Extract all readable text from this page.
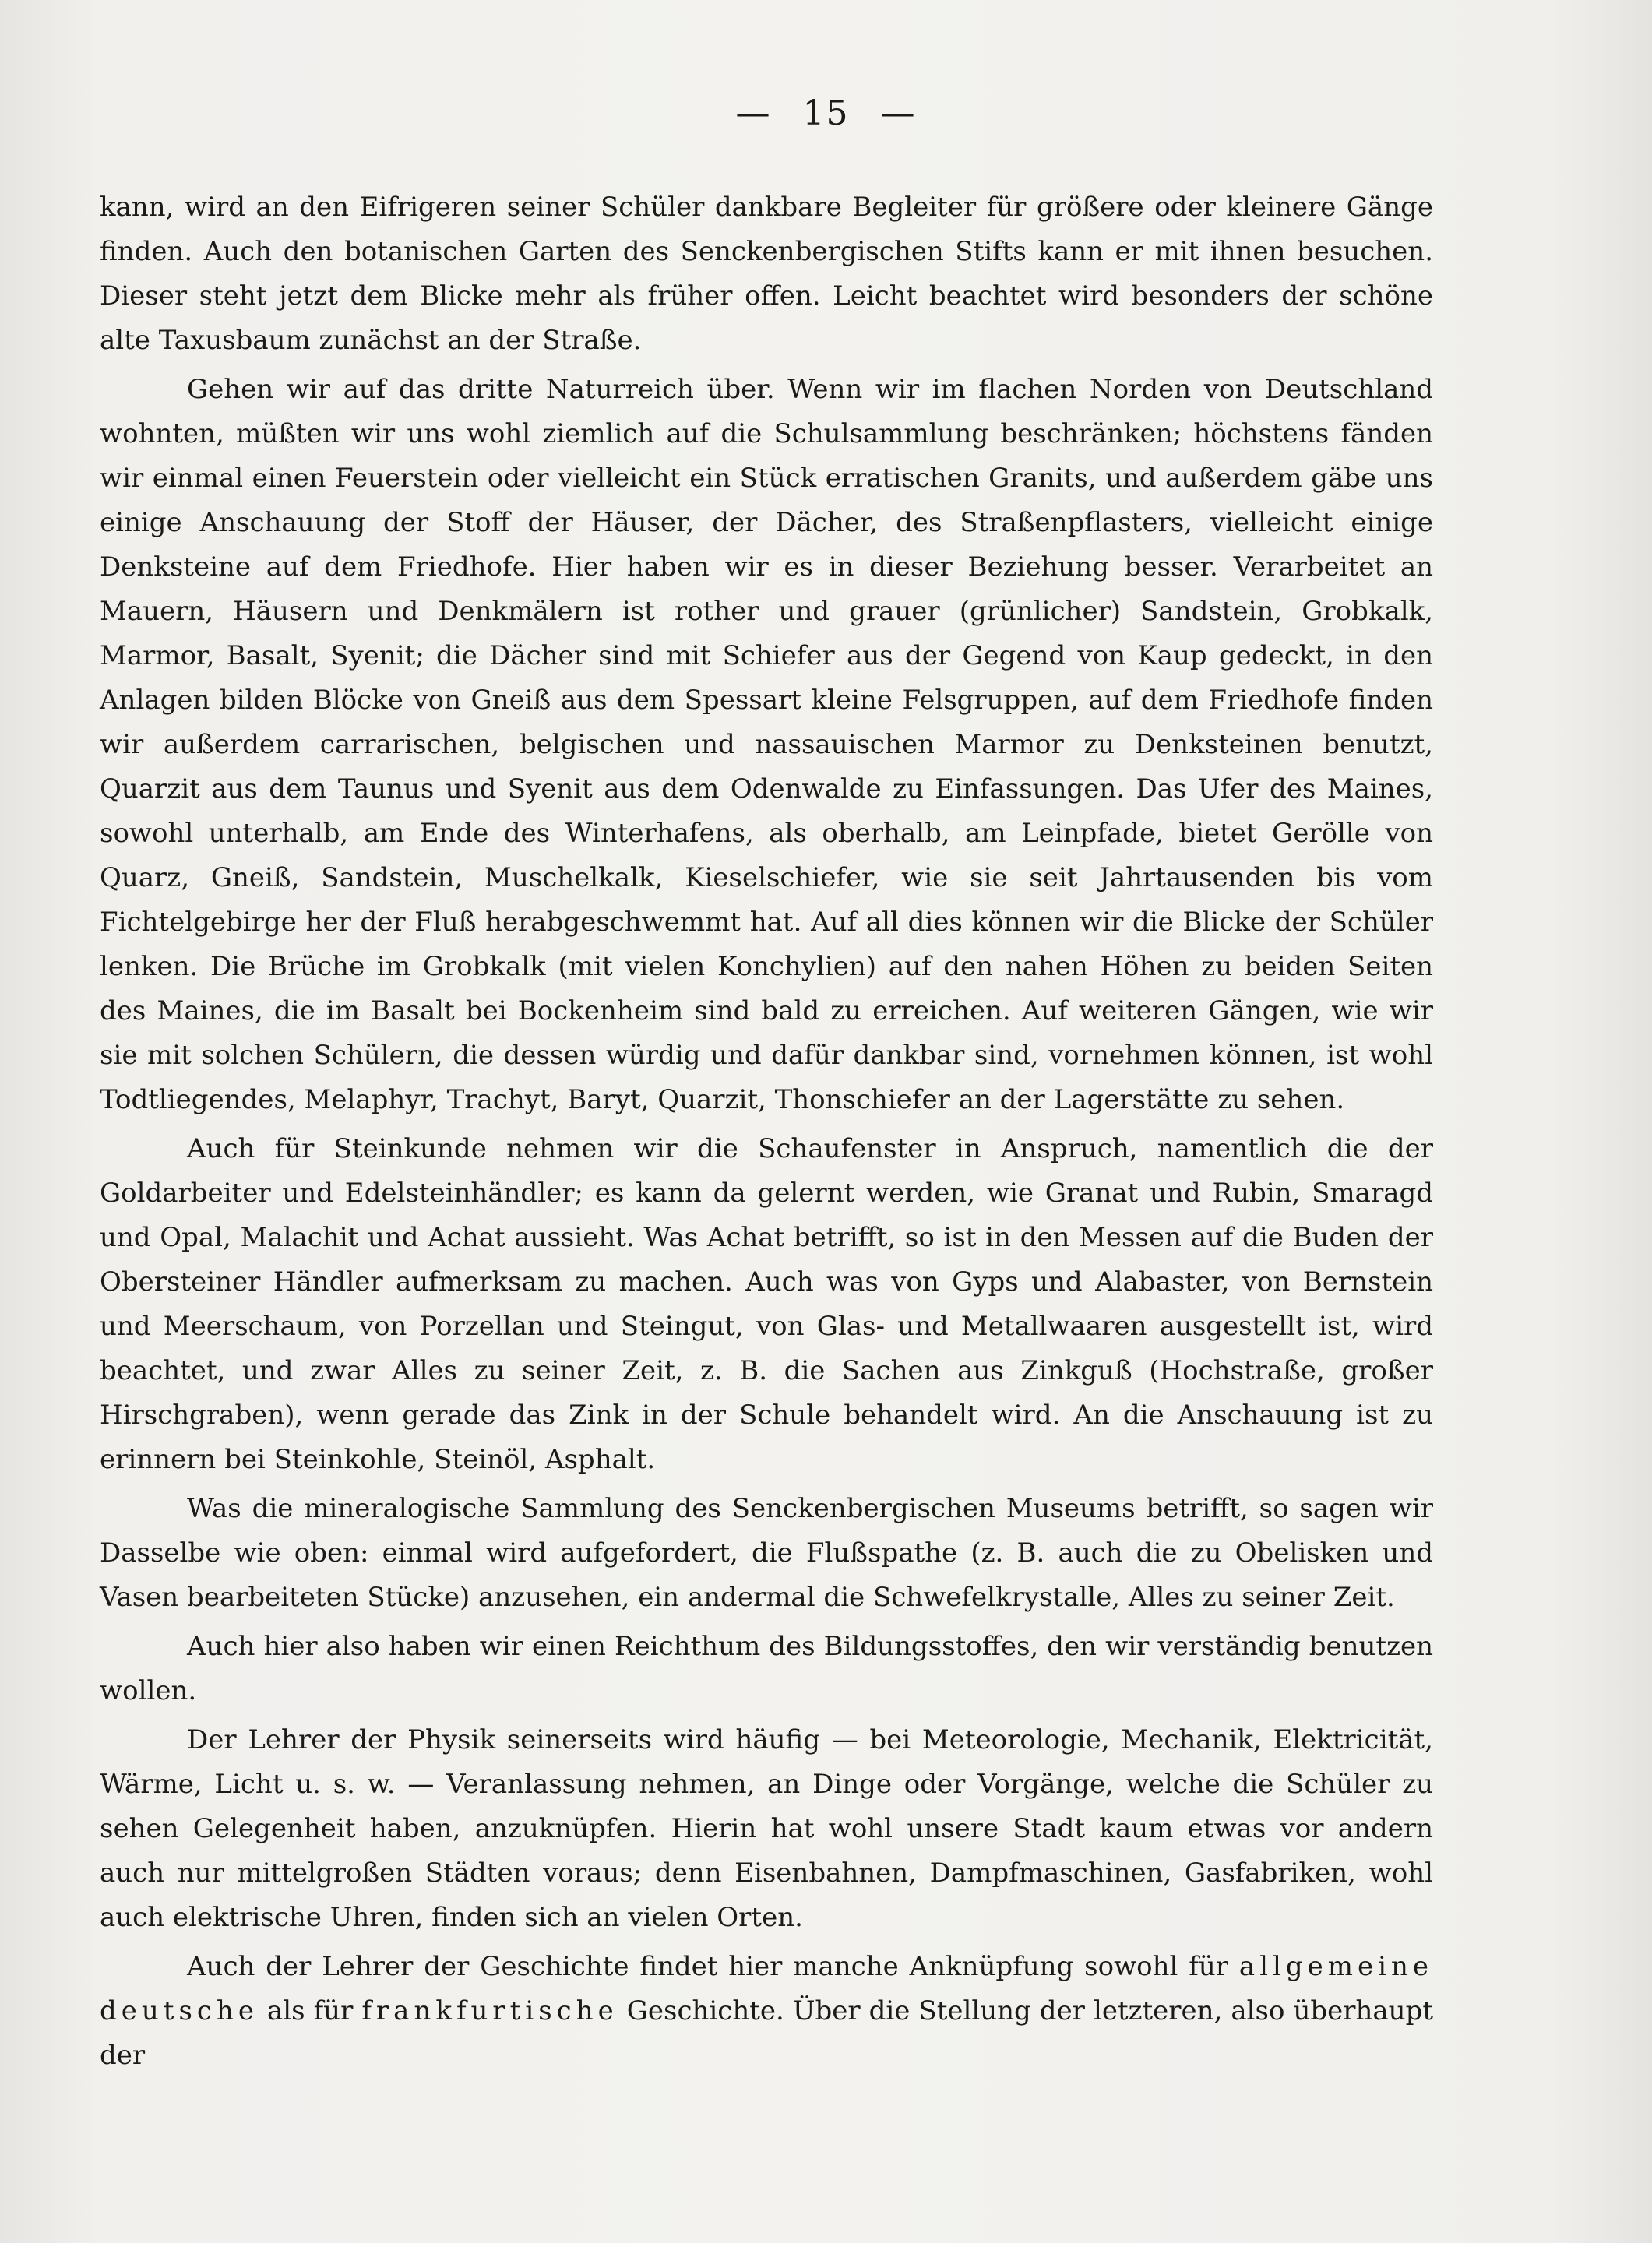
— 15 —

kann, wird an den Eifrigeren seiner Schüler dankbare Begleiter für größere oder kleinere Gänge finden. Auch den botanischen Garten des Senckenbergischen Stifts kann er mit ihnen besuchen. Dieser steht jetzt dem Blicke mehr als früher offen. Leicht beachtet wird besonders der schöne alte Taxusbaum zunächst an der Straße.

Gehen wir auf das dritte Naturreich über. Wenn wir im flachen Norden von Deutschland wohnten, müßten wir uns wohl ziemlich auf die Schulsammlung beschränken; höchstens fänden wir einmal einen Feuerstein oder vielleicht ein Stück erratischen Granits, und außerdem gäbe uns einige Anschauung der Stoff der Häuser, der Dächer, des Straßenpflasters, vielleicht einige Denksteine auf dem Friedhofe. Hier haben wir es in dieser Beziehung besser. Verarbeitet an Mauern, Häusern und Denkmälern ist rother und grauer (grünlicher) Sandstein, Grobkalk, Marmor, Basalt, Syenit; die Dächer sind mit Schiefer aus der Gegend von Kaup gedeckt, in den Anlagen bilden Blöcke von Gneiß aus dem Spessart kleine Felsgruppen, auf dem Friedhofe finden wir außerdem carrarischen, belgischen und nassauischen Marmor zu Denksteinen benutzt, Quarzit aus dem Taunus und Syenit aus dem Odenwalde zu Einfassungen. Das Ufer des Maines, sowohl unterhalb, am Ende des Winterhafens, als oberhalb, am Leinpfade, bietet Gerölle von Quarz, Gneiß, Sandstein, Muschelkalk, Kieselschiefer, wie sie seit Jahrtausenden bis vom Fichtelgebirge her der Fluß herabgeschwemmt hat. Auf all dies können wir die Blicke der Schüler lenken. Die Brüche im Grobkalk (mit vielen Konchylien) auf den nahen Höhen zu beiden Seiten des Maines, die im Basalt bei Bockenheim sind bald zu erreichen. Auf weiteren Gängen, wie wir sie mit solchen Schülern, die dessen würdig und dafür dankbar sind, vornehmen können, ist wohl Todtliegendes, Melaphyr, Trachyt, Baryt, Quarzit, Thonschiefer an der Lagerstätte zu sehen.

Auch für Steinkunde nehmen wir die Schaufenster in Anspruch, namentlich die der Goldarbeiter und Edelsteinhändler; es kann da gelernt werden, wie Granat und Rubin, Smaragd und Opal, Malachit und Achat aussieht. Was Achat betrifft, so ist in den Messen auf die Buden der Obersteiner Händler aufmerksam zu machen. Auch was von Gyps und Alabaster, von Bernstein und Meerschaum, von Porzellan und Steingut, von Glas- und Metallwaaren ausgestellt ist, wird beachtet, und zwar Alles zu seiner Zeit, z. B. die Sachen aus Zinkguß (Hochstraße, großer Hirschgraben), wenn gerade das Zink in der Schule behandelt wird. An die Anschauung ist zu erinnern bei Steinkohle, Steinöl, Asphalt.

Was die mineralogische Sammlung des Senckenbergischen Museums betrifft, so sagen wir Dasselbe wie oben: einmal wird aufgefordert, die Flußspathe (z. B. auch die zu Obelisken und Vasen bearbeiteten Stücke) anzusehen, ein andermal die Schwefelkrystalle, Alles zu seiner Zeit.

Auch hier also haben wir einen Reichthum des Bildungsstoffes, den wir verständig benutzen wollen.

Der Lehrer der Physik seinerseits wird häufig — bei Meteorologie, Mechanik, Elektricität, Wärme, Licht u. s. w. — Veranlassung nehmen, an Dinge oder Vorgänge, welche die Schüler zu sehen Gelegenheit haben, anzuknüpfen. Hierin hat wohl unsere Stadt kaum etwas vor andern auch nur mittelgroßen Städten voraus; denn Eisenbahnen, Dampfmaschinen, Gasfabriken, wohl auch elektrische Uhren, finden sich an vielen Orten.

Auch der Lehrer der Geschichte findet hier manche Anknüpfung sowohl für allgemeine deutsche als für frankfurtische Geschichte. Über die Stellung der letzteren, also überhaupt der
